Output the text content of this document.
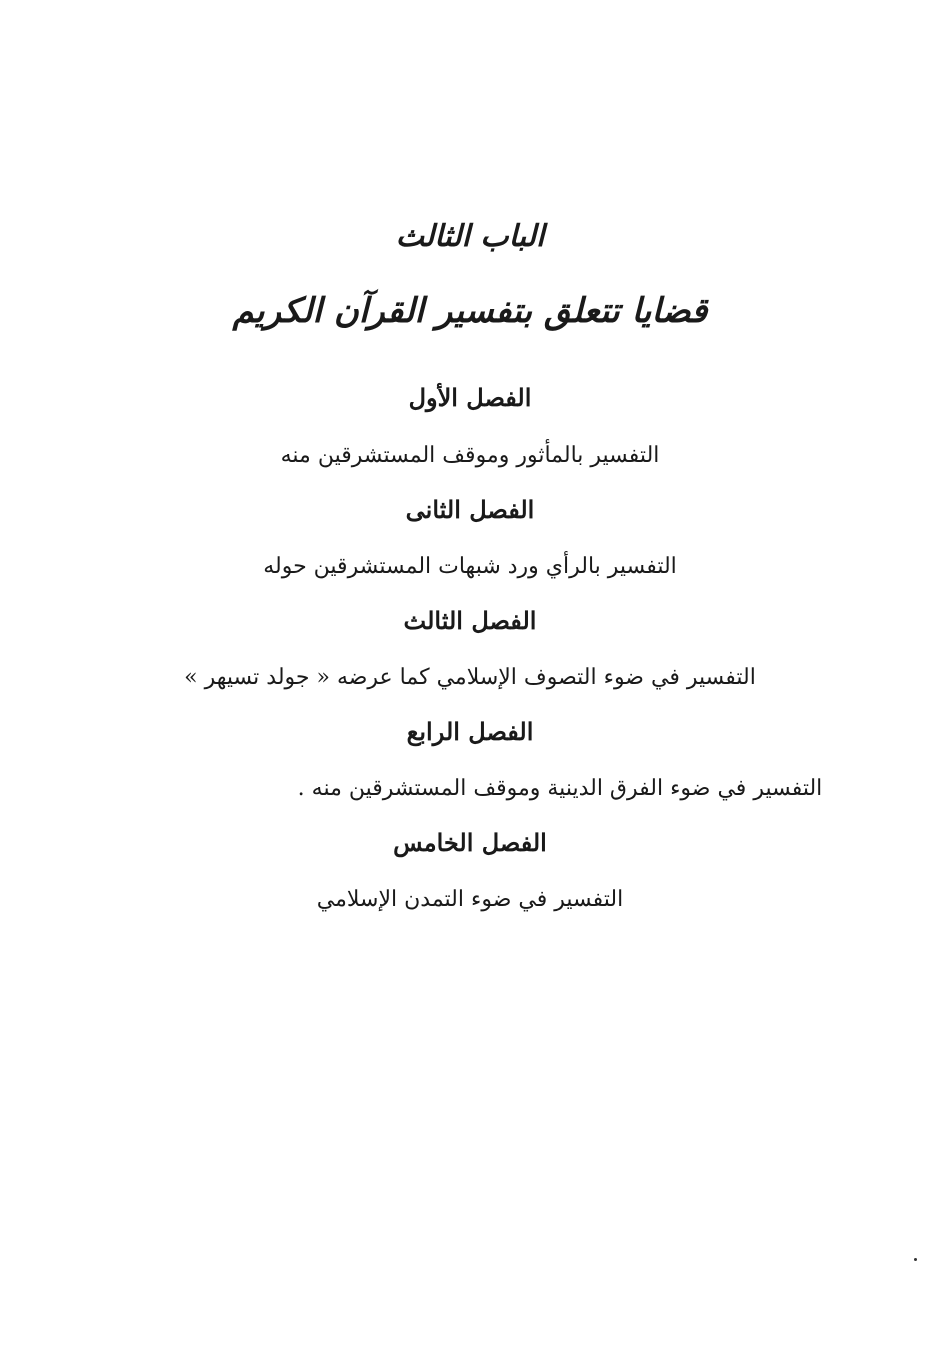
الباب الثالث
قضايا تتعلق بتفسير القرآن الكريم
الفصل الأول
التفسير بالمأثور وموقف المستشرقين منه
الفصل الثانى
التفسير بالرأي ورد شبهات المستشرقين حوله
الفصل الثالث
التفسير في ضوء التصوف الإسلامي كما عرضه « جولد تسيهر »
الفصل الرابع
التفسير في ضوء الفرق الدينية وموقف المستشرقين منه .
الفصل الخامس
التفسير في ضوء التمدن الإسلامي
